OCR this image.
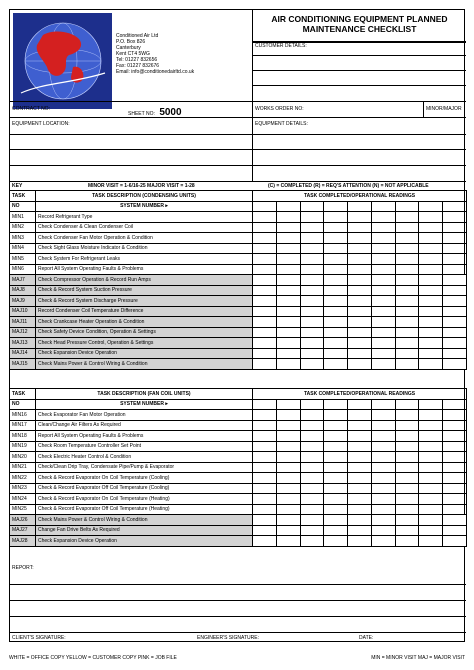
Conditioned Air Ltd
P.O. Box 826
Canterbury
Kent CT4 5WG
Tel: 01227 832656
Fax: 01227 832676
Email: info@conditionedairltd.co.uk
AIR CONDITIONING EQUIPMENT PLANNED
MAINTENANCE CHECKLIST
CUSTOMER DETAILS:
CONTRACT NO:
SHEET NO: 5000	WORKS ORDER NO:	MINOR/MAJOR
EQUIPMENT LOCATION:	EQUIPMENT DETAILS:
KEY	MINOR VISIT = 1-6/16-25 MAJOR VISIT = 1-28	(C) = COMPLETED (R) = REQ'S ATTENTION (N) = NOT APPLICABLE
TASK	TASK DESCRIPTION (CONDENSING UNITS)	TASK COMPLETED/OPERATIONAL READINGS								
NO	SYSTEM NUMBER ▸									
MIN1	Record Refrigerant Type									
MIN2	Check Condenser & Clean Condenser Coil									
MIN3	Check Condenser Fan Motor Operation & Condition									
MIN4	Check Sight Glass Moisture Indicator & Condition									
MIN5	Check System For Refrigerant Leaks									
MIN6	Report All System Operating Faults & Problems									
MAJ7	Check Compressor Operation & Record Run Amps									
MAJ8	Check & Record System Suction Pressure									
MAJ9	Check & Record System Discharge Pressure									
MAJ10	Record Condenser Coil Temperature Difference									
MAJ11	Check Crankcase Heater Operation & Condition									
MAJ12	Check Safety Device Condition, Operation & Settings									
MAJ13	Check Head Pressure Control, Operation & Settings									
MAJ14	Check Expansion Device Operation									
MAJ15	Check Mains Power & Control Wiring & Condition									
TASK	TASK DESCRIPTION (FAN COIL UNITS)	TASK COMPLETED/OPERATIONAL READINGS								
NO	SYSTEM NUMBER ▸									
MIN16	Check Evaporator Fan Motor Operation									
MIN17	Clean/Change Air Filters As Required									
MIN18	Report All System Operating Faults & Problems									
MIN19	Check Room Temperature Controller Set Point									
MIN20	Check Electric Heater Control & Condition									
MIN21	Check/Clean Drip Tray, Condensate Pipe/Pump & Evaporator									
MIN22	Check & Record Evaporator On Coil Temperature (Cooling)									
MIN23	Check & Record Evaporator Off Coil Temperature (Cooling)									
MIN24	Check & Record Evaporator On Coil Temperature (Heating)									
MIN25	Check & Record Evaporator Off Coil Temperature (Heating)									
MAJ26	Check Mains Power & Control Wiring & Condition									
MAJ27	Change Fan Drive Belts As Required									
MAJ28	Check Expansion Device Operation									
REPORT:
CLIENT'S SIGNATURE:	ENGINEER'S SIGNATURE:	DATE:
WHITE = OFFICE COPY YELLOW = CUSTOMER COPY PINK = JOB FILE	MIN = MINOR VISIT MAJ = MAJOR VISIT
